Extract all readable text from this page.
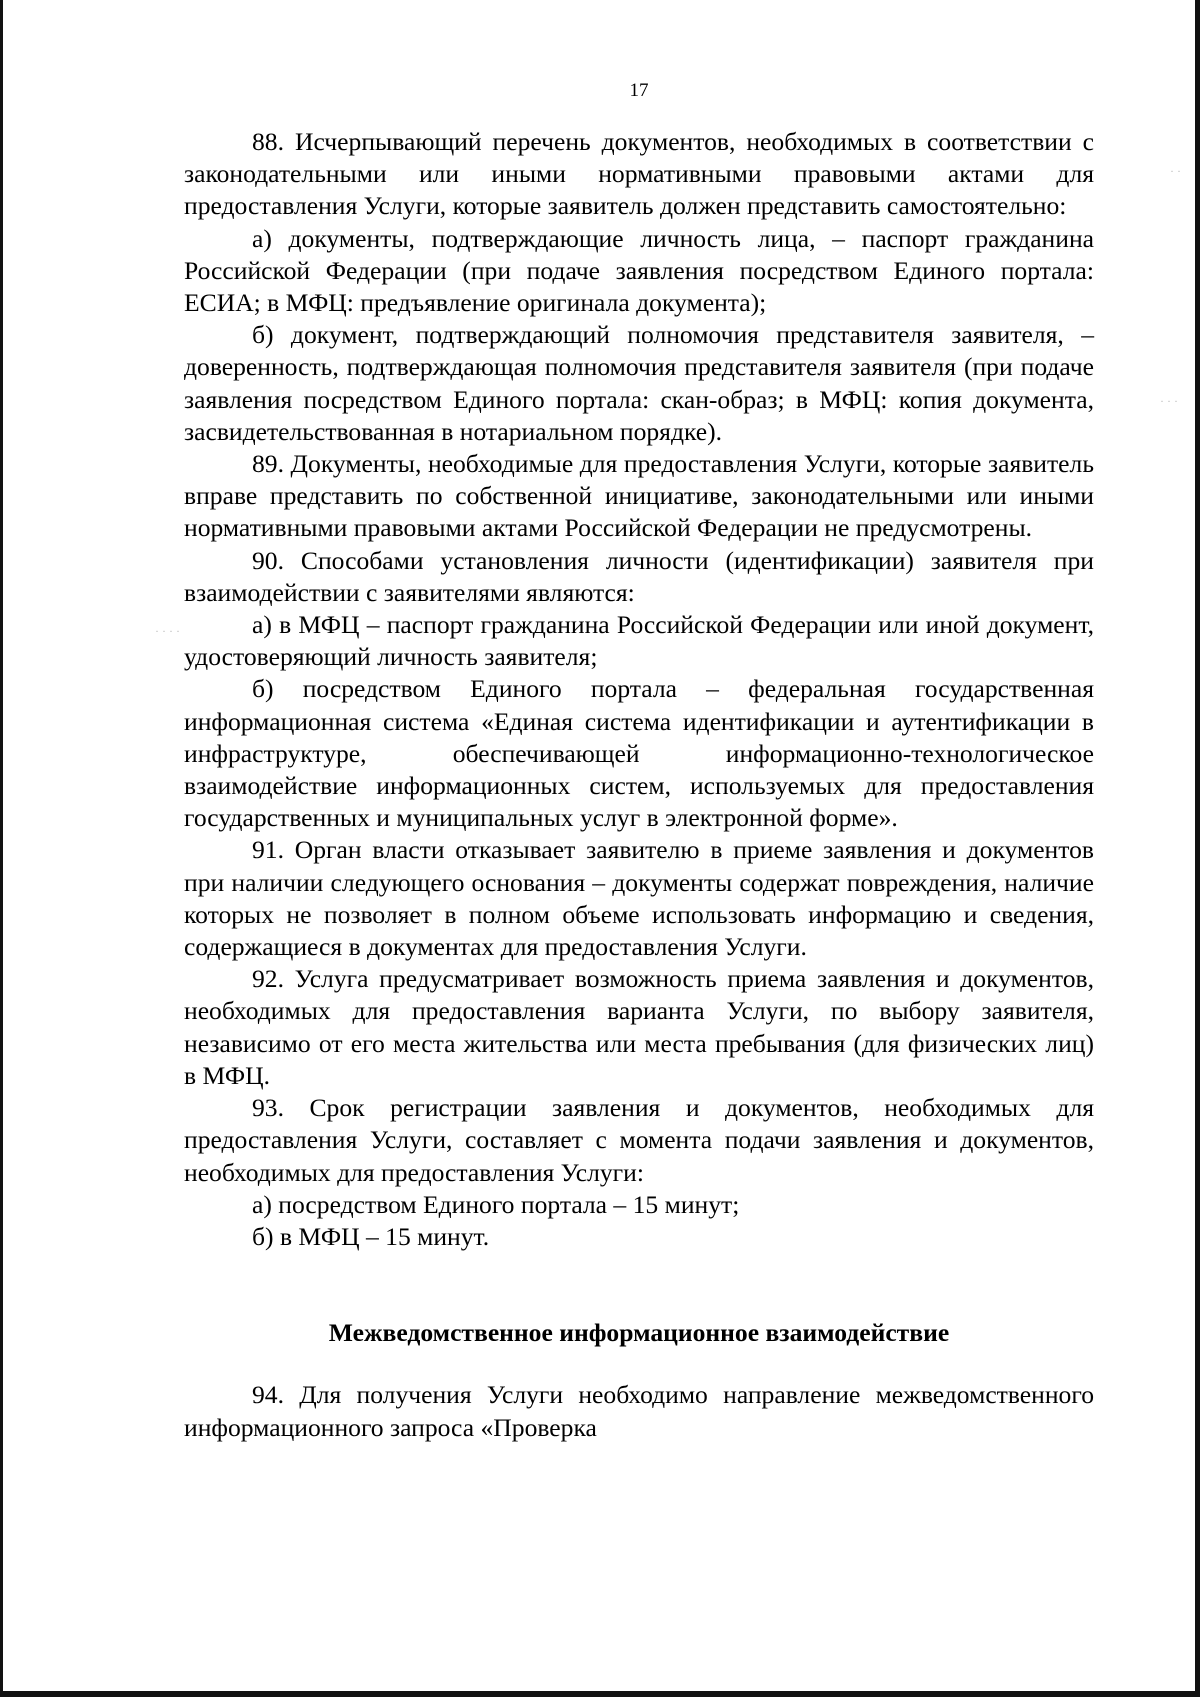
17

88. Исчерпывающий перечень документов, необходимых в соответствии с законодательными или иными нормативными правовыми актами для предоставления Услуги, которые заявитель должен представить самостоятельно:

а) документы, подтверждающие личность лица, – паспорт гражданина Российской Федерации (при подаче заявления посредством Единого портала: ЕСИА; в МФЦ: предъявление оригинала документа);

б) документ, подтверждающий полномочия представителя заявителя, – доверенность, подтверждающая полномочия представителя заявителя (при подаче заявления посредством Единого портала: скан-образ; в МФЦ: копия документа, засвидетельствованная в нотариальном порядке).

89. Документы, необходимые для предоставления Услуги, которые заявитель вправе представить по собственной инициативе, законодательными или иными нормативными правовыми актами Российской Федерации не предусмотрены.

90. Способами установления личности (идентификации) заявителя при взаимодействии с заявителями являются:

а) в МФЦ – паспорт гражданина Российской Федерации или иной документ, удостоверяющий личность заявителя;

б) посредством Единого портала – федеральная государственная информационная система «Единая система идентификации и аутентификации в инфраструктуре, обеспечивающей информационно-технологическое взаимодействие информационных систем, используемых для предоставления государственных и муниципальных услуг в электронной форме».

91. Орган власти отказывает заявителю в приеме заявления и документов при наличии следующего основания – документы содержат повреждения, наличие которых не позволяет в полном объеме использовать информацию и сведения, содержащиеся в документах для предоставления Услуги.

92. Услуга предусматривает возможность приема заявления и документов, необходимых для предоставления варианта Услуги, по выбору заявителя, независимо от его места жительства или места пребывания (для физических лиц) в МФЦ.

93. Срок регистрации заявления и документов, необходимых для предоставления Услуги, составляет с момента подачи заявления и документов, необходимых для предоставления Услуги:

а) посредством Единого портала – 15 минут;

б) в МФЦ – 15 минут.

Межведомственное информационное взаимодействие

94. Для получения Услуги необходимо направление межведомственного информационного запроса «Проверка

· ·
· · ·
· · · ·
